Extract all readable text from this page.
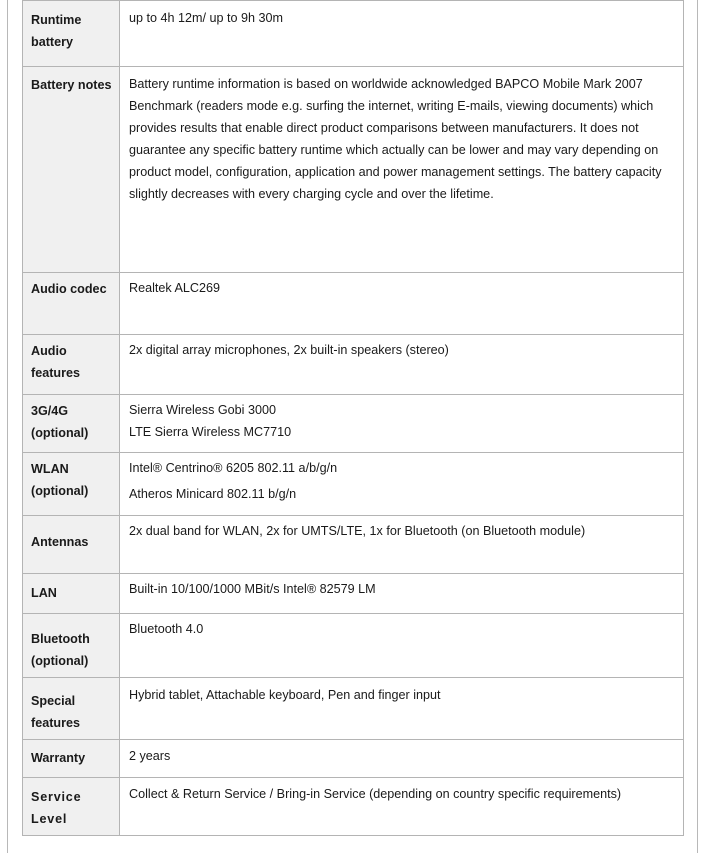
Runtime battery	up to 4h 12m/ up to 9h 30m

Battery notes	Battery runtime information is based on worldwide acknowledged BAPCO Mobile Mark 2007 Benchmark (readers mode e.g. surfing the internet, writing E-mails, viewing documents) which provides results that enable direct product comparisons between manufacturers. It does not guarantee any specific battery runtime which actually can be lower and may vary depending on product model, configuration, application and power management settings. The battery capacity slightly decreases with every charging cycle and over the lifetime.

Audio codec	Realtek ALC269

Audio features	2x digital array microphones, 2x built-in speakers (stereo)

3G/4G (optional)	Sierra Wireless Gobi 3000
LTE Sierra Wireless MC7710

WLAN (optional)	Intel® Centrino® 6205 802.11 a/b/g/n
Atheros Minicard 802.11 b/g/n

Antennas	2x dual band for WLAN, 2x for UMTS/LTE, 1x for Bluetooth (on Bluetooth module)

LAN	Built-in 10/100/1000 MBit/s Intel® 82579 LM

Bluetooth (optional)	Bluetooth 4.0

Special features	Hybrid tablet, Attachable keyboard, Pen and finger input

Warranty	2 years

Service Level	Collect & Return Service / Bring-in Service (depending on country specific requirements)
